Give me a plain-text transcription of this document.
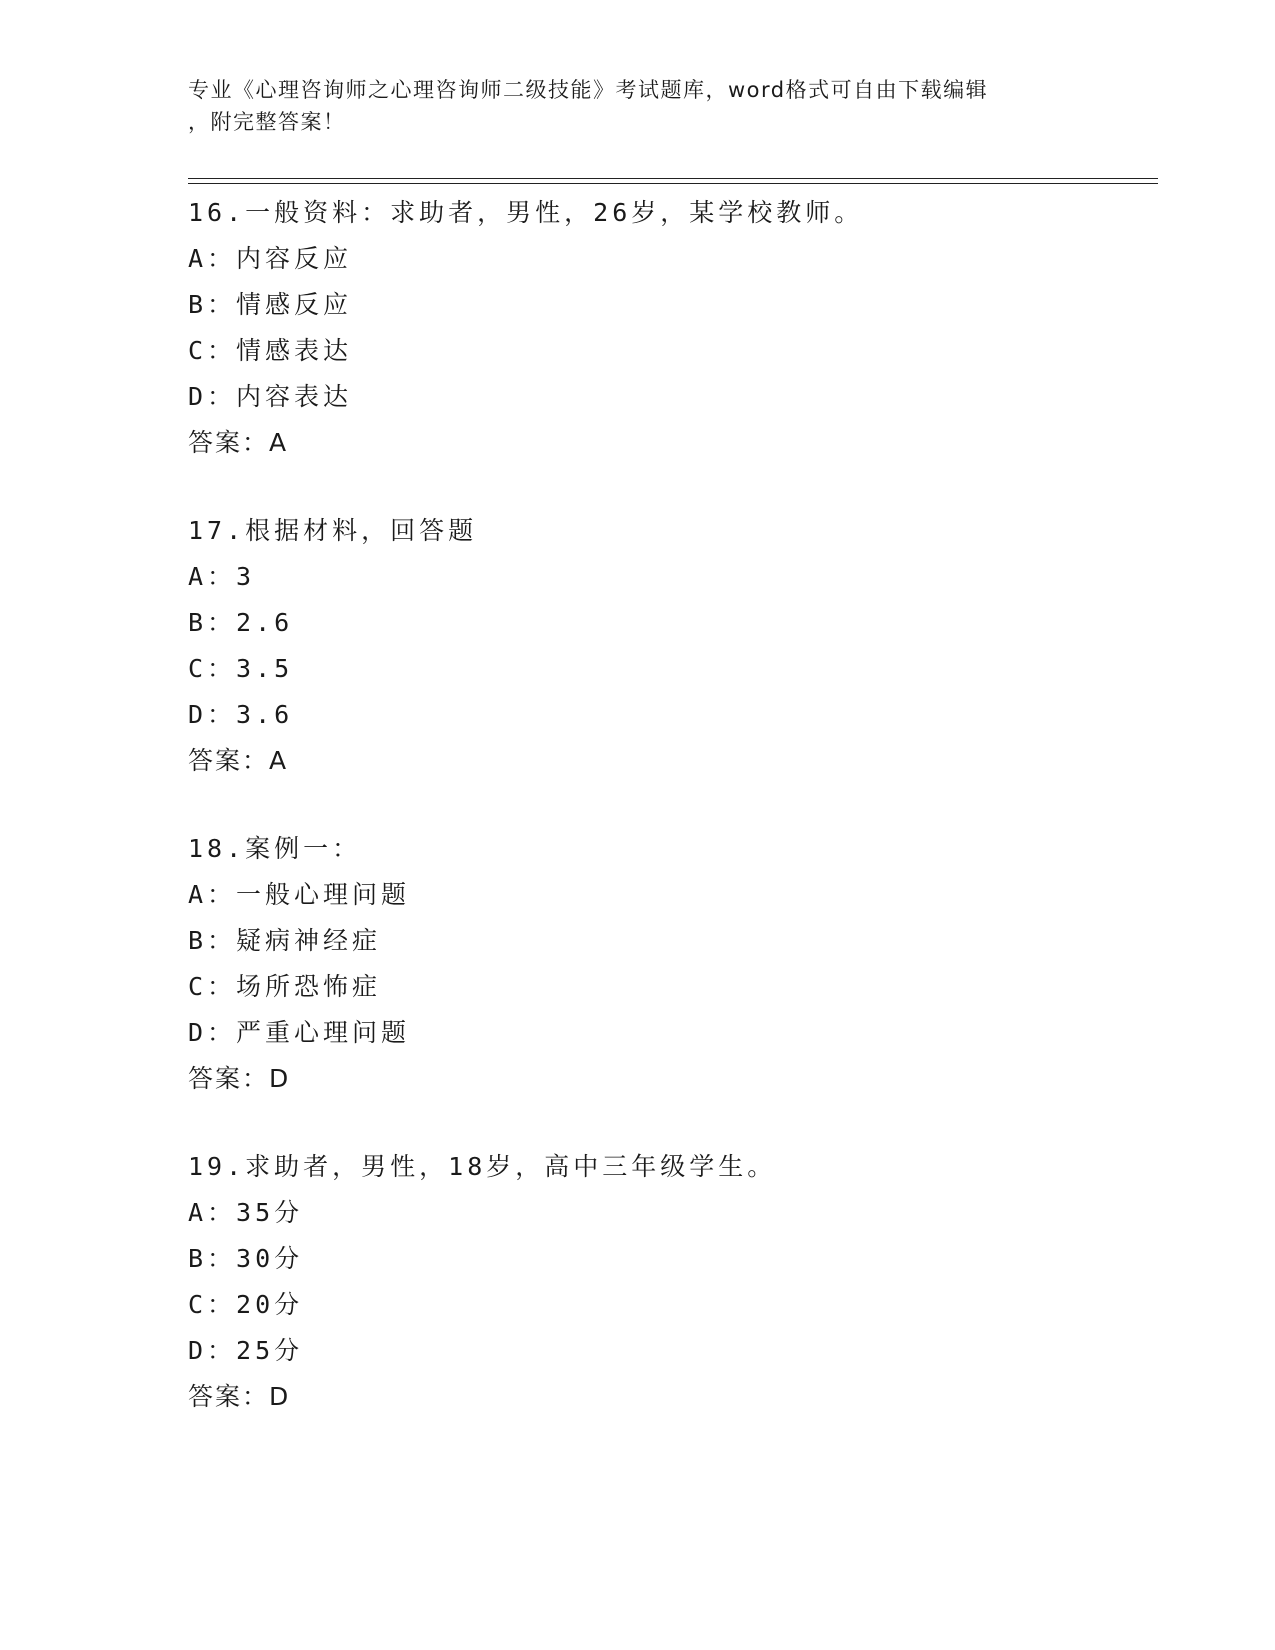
专业《心理咨询师之心理咨询师二级技能》考试题库，word格式可自由下载编辑
，附完整答案！
16.一般资料：求助者，男性，26岁，某学校教师。
A：内容反应
B：情感反应
C：情感表达
D：内容表达
答案：A
17.根据材料，回答题
A：3
B：2.6
C：3.5
D：3.6
答案：A
18.案例一：
A：一般心理问题
B：疑病神经症
C：场所恐怖症
D：严重心理问题
答案：D
19.求助者，男性，18岁，高中三年级学生。
A：35分
B：30分
C：20分
D：25分
答案：D
